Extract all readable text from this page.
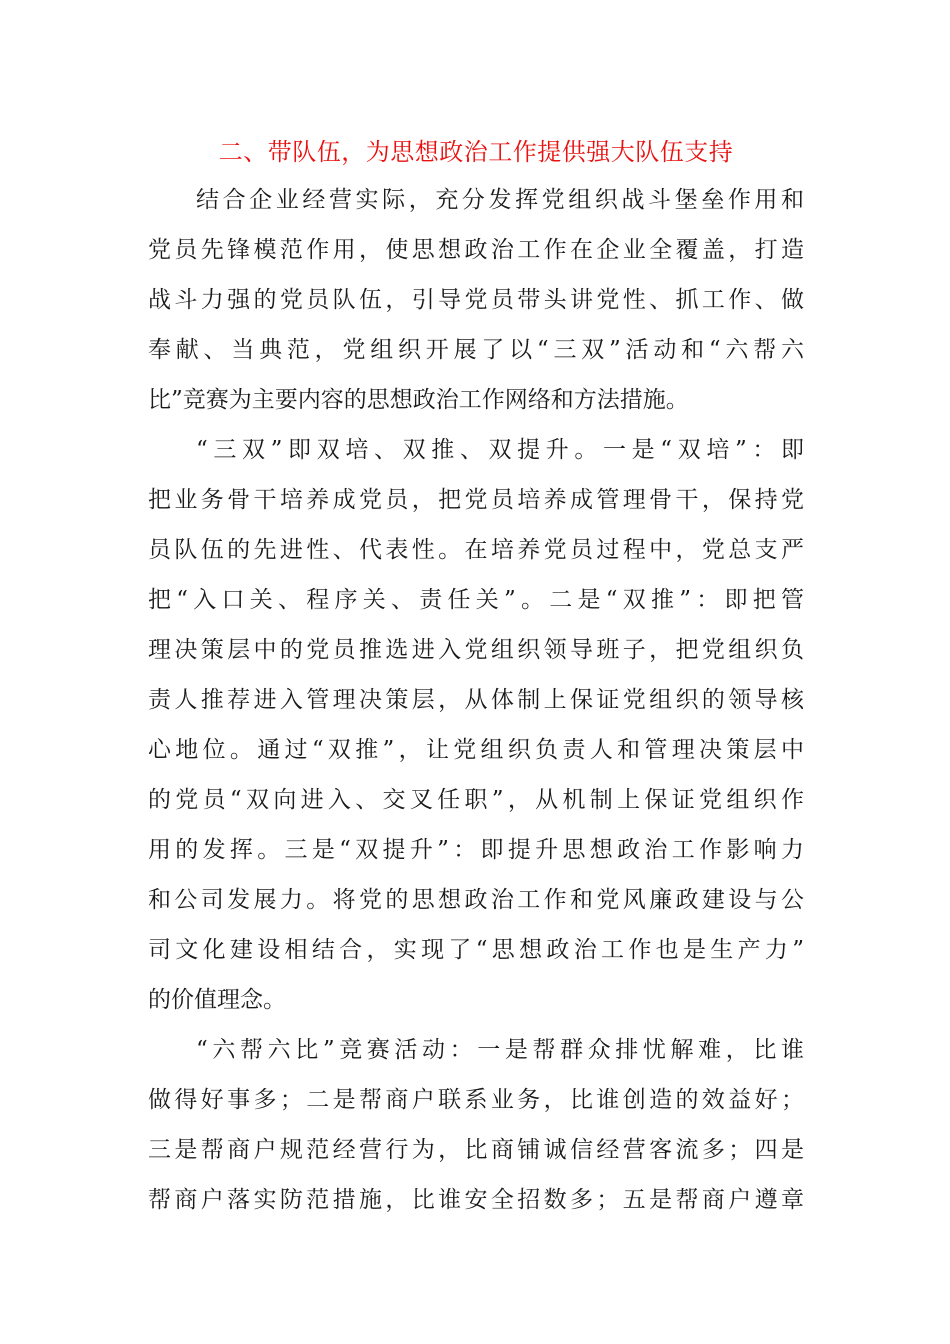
二、带队伍，为思想政治工作提供强大队伍支持
结合企业经营实际，充分发挥党组织战斗堡垒作用和
党员先锋模范作用，使思想政治工作在企业全覆盖，打造
战斗力强的党员队伍，引导党员带头讲党性、抓工作、做
奉献、当典范，党组织开展了以“三双”活动和“六帮六
比”竞赛为主要内容的思想政治工作网络和方法措施。
“三双”即双培、双推、双提升。一是“双培”：即
把业务骨干培养成党员，把党员培养成管理骨干，保持党
员队伍的先进性、代表性。在培养党员过程中，党总支严
把“入口关、程序关、责任关”。二是“双推”：即把管
理决策层中的党员推选进入党组织领导班子，把党组织负
责人推荐进入管理决策层，从体制上保证党组织的领导核
心地位。通过“双推”，让党组织负责人和管理决策层中
的党员“双向进入、交叉任职”，从机制上保证党组织作
用的发挥。三是“双提升”：即提升思想政治工作影响力
和公司发展力。将党的思想政治工作和党风廉政建设与公
司文化建设相结合，实现了“思想政治工作也是生产力”
的价值理念。
“六帮六比”竞赛活动：一是帮群众排忧解难，比谁
做得好事多；二是帮商户联系业务，比谁创造的效益好；
三是帮商户规范经营行为，比商铺诚信经营客流多；四是
帮商户落实防范措施，比谁安全招数多；五是帮商户遵章
